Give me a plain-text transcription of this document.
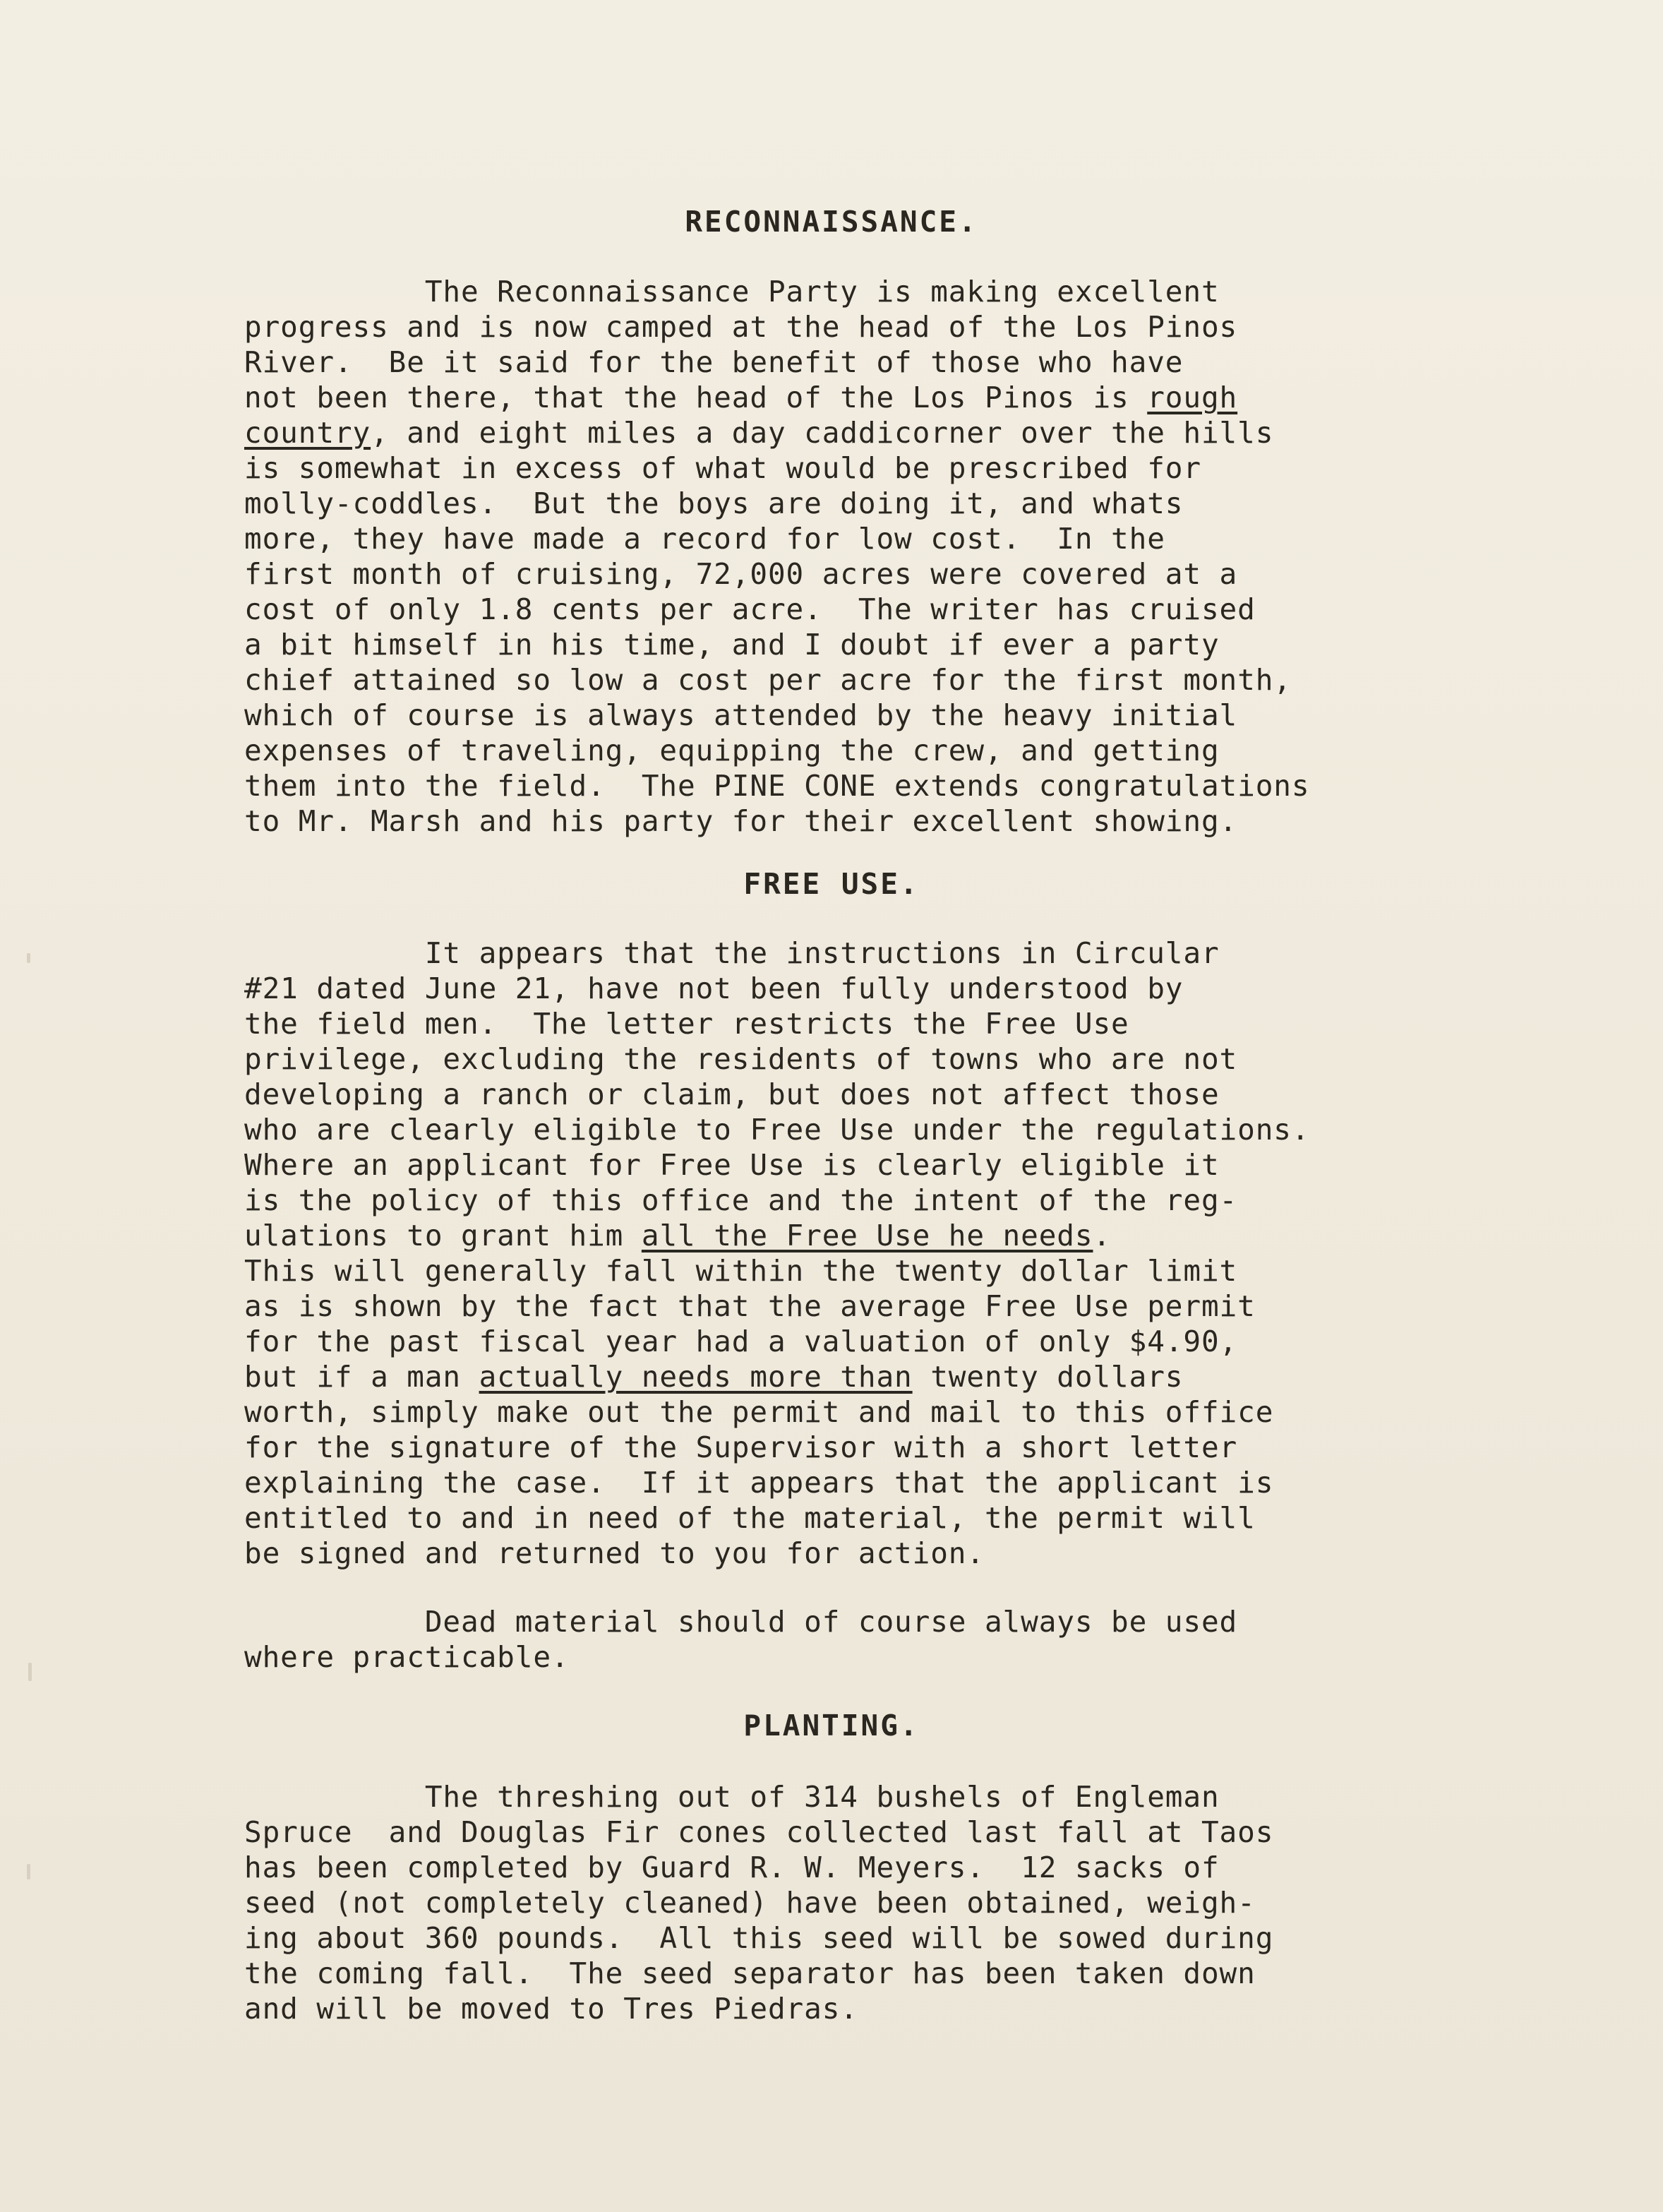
RECONNAISSANCE.
The Reconnaissance Party is making excellent
progress and is now camped at the head of the Los Pinos
River.  Be it said for the benefit of those who have
not been there, that the head of the Los Pinos is rough
country, and eight miles a day caddicorner over the hills
is somewhat in excess of what would be prescribed for
molly-coddles.  But the boys are doing it, and whats
more, they have made a record for low cost.  In the
first month of cruising, 72,000 acres were covered at a
cost of only 1.8 cents per acre.  The writer has cruised
a bit himself in his time, and I doubt if ever a party
chief attained so low a cost per acre for the first month,
which of course is always attended by the heavy initial
expenses of traveling, equipping the crew, and getting
them into the field.  The PINE CONE extends congratulations
to Mr. Marsh and his party for their excellent showing.
FREE USE.
It appears that the instructions in Circular
#21 dated June 21, have not been fully understood by
the field men.  The letter restricts the Free Use
privilege, excluding the residents of towns who are not
developing a ranch or claim, but does not affect those
who are clearly eligible to Free Use under the regulations.
Where an applicant for Free Use is clearly eligible it
is the policy of this office and the intent of the reg-
ulations to grant him all the Free Use he needs.
This will generally fall within the twenty dollar limit
as is shown by the fact that the average Free Use permit
for the past fiscal year had a valuation of only $4.90,
but if a man actually needs more than twenty dollars
worth, simply make out the permit and mail to this office
for the signature of the Supervisor with a short letter
explaining the case.  If it appears that the applicant is
entitled to and in need of the material, the permit will
be signed and returned to you for action.
Dead material should of course always be used
where practicable.
PLANTING.
The threshing out of 314 bushels of Engleman
Spruce  and Douglas Fir cones collected last fall at Taos
has been completed by Guard R. W. Meyers.  12 sacks of
seed (not completely cleaned) have been obtained, weigh-
ing about 360 pounds.  All this seed will be sowed during
the coming fall.  The seed separator has been taken down
and will be moved to Tres Piedras.
